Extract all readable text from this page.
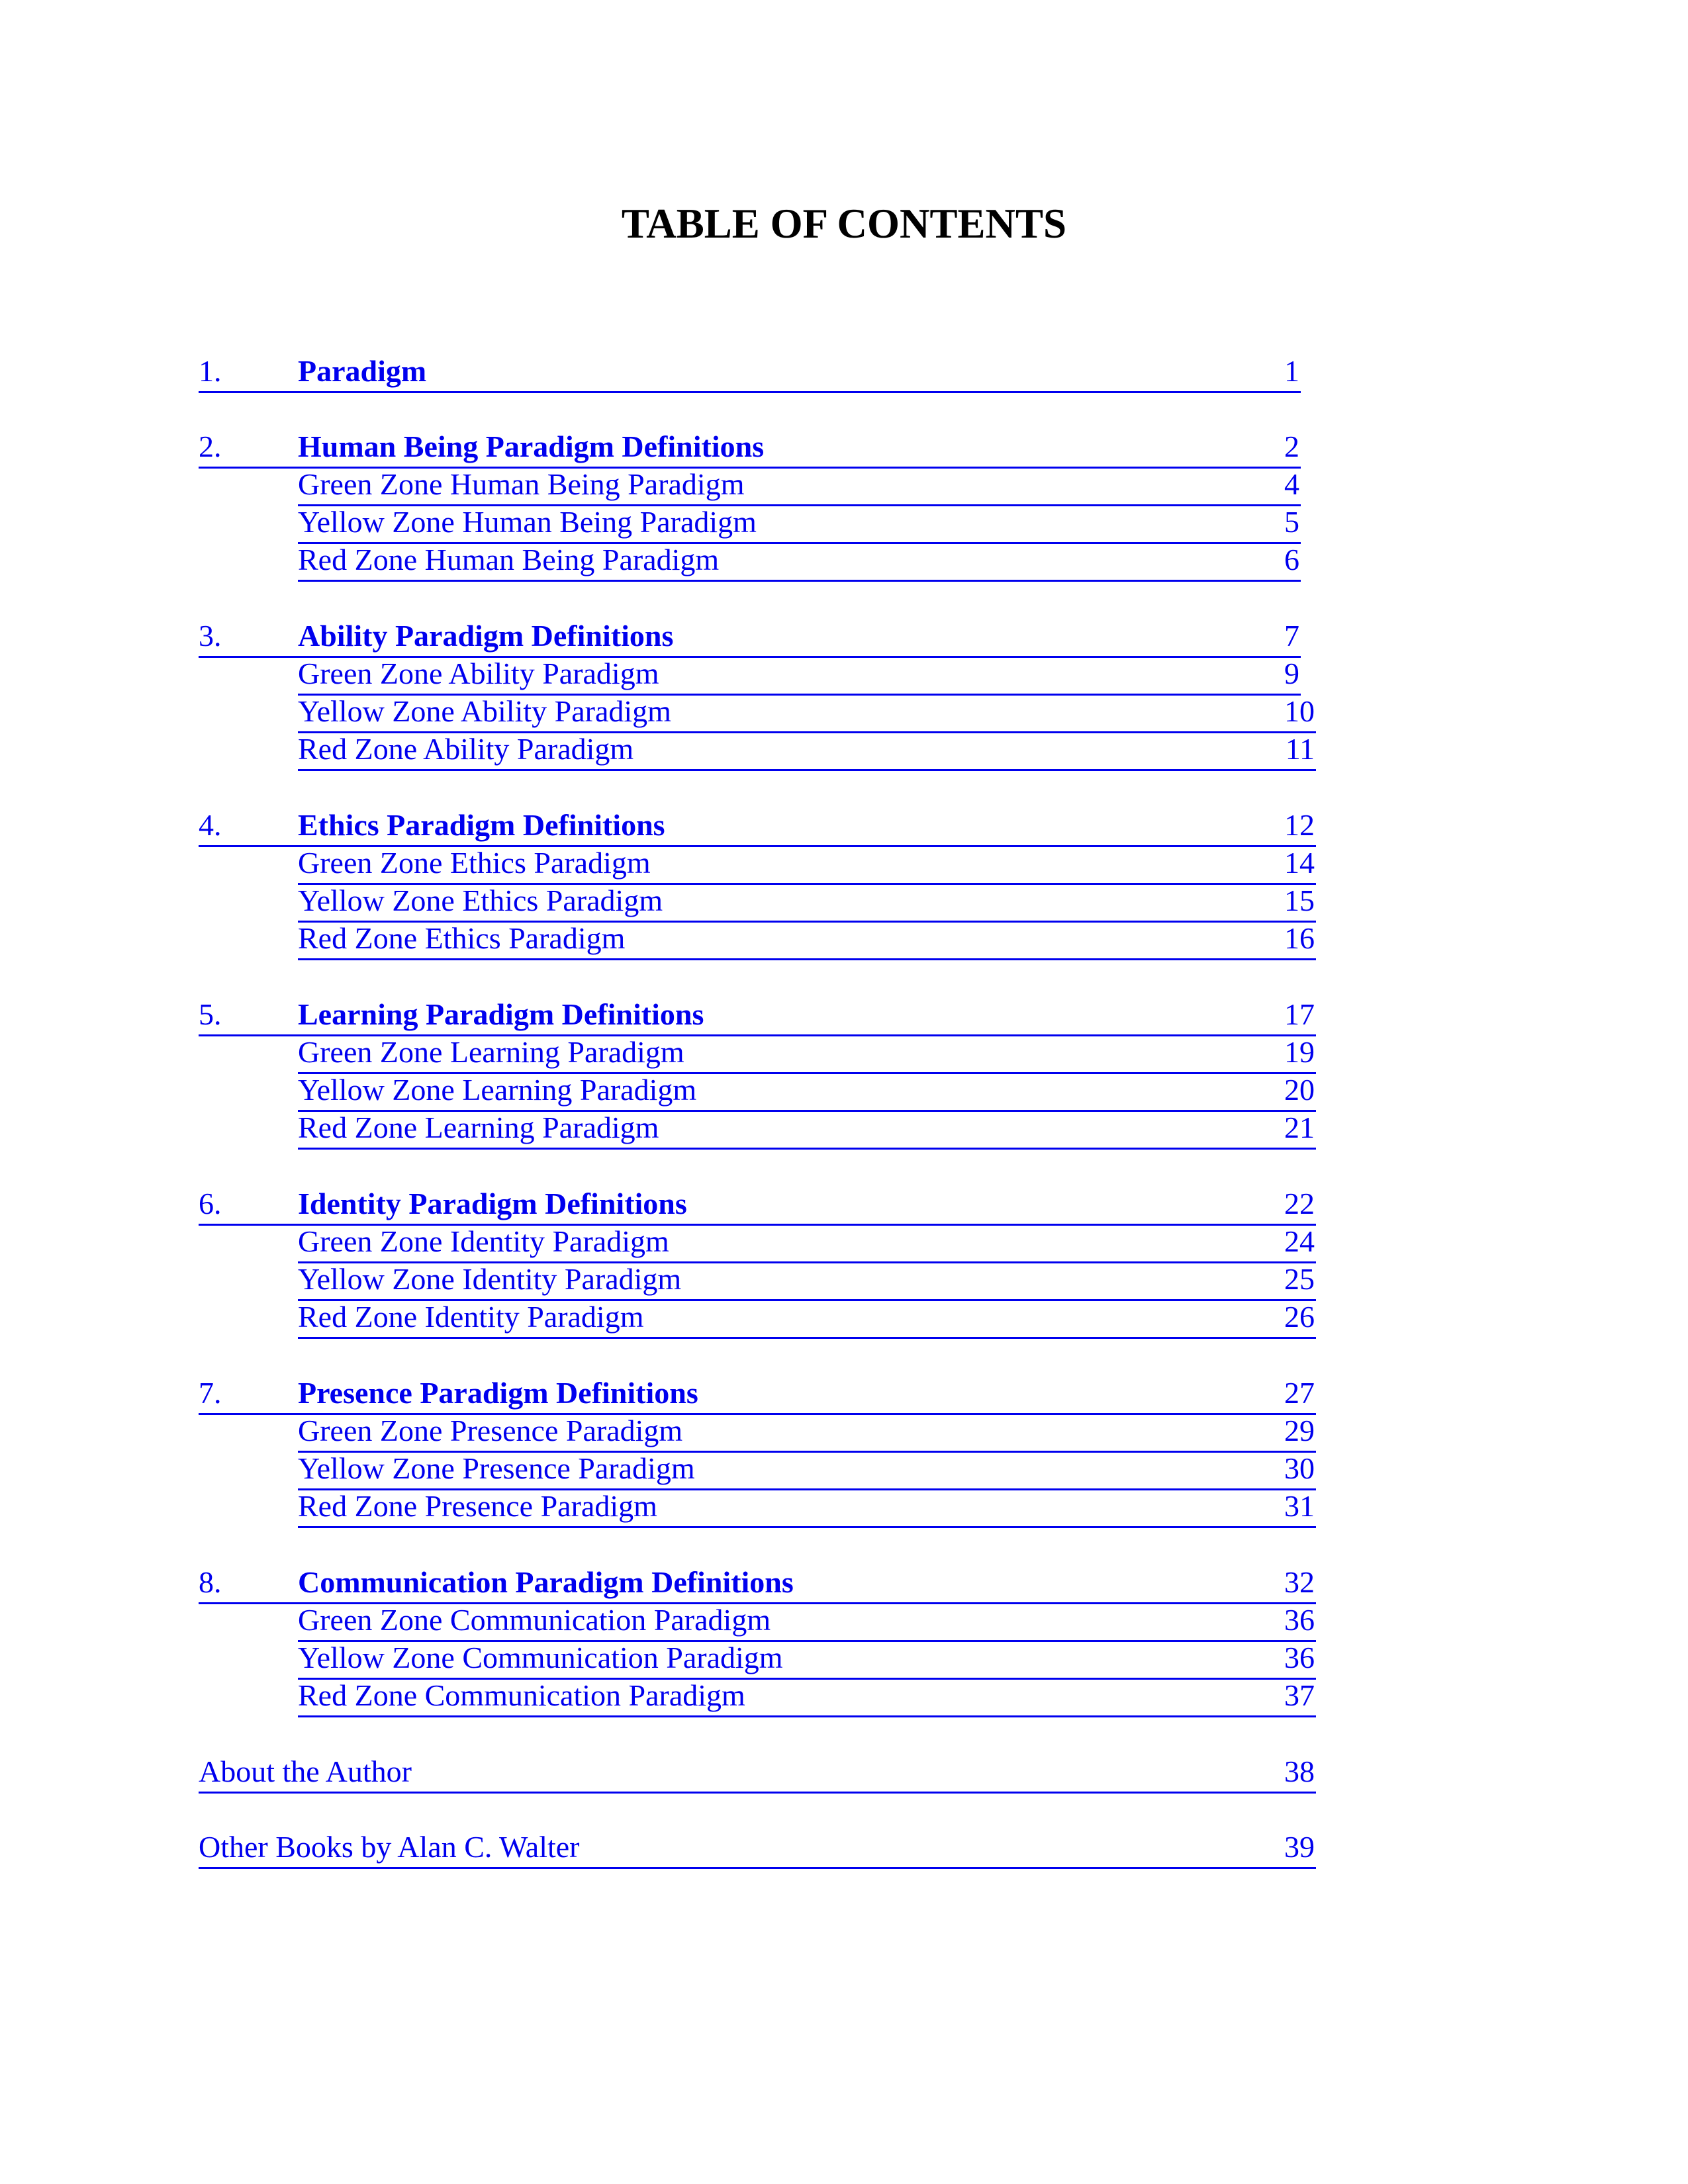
TABLE OF CONTENTS
1.	Paradigm	1
2.	Human Being Paradigm Definitions	2
Green Zone Human Being Paradigm	4
Yellow Zone Human Being Paradigm	5
Red Zone Human Being Paradigm	6
3.	Ability Paradigm Definitions	7
Green Zone Ability Paradigm	9
Yellow Zone Ability Paradigm	10
Red Zone Ability Paradigm	11
4.	Ethics Paradigm Definitions	12
Green Zone Ethics Paradigm	14
Yellow Zone Ethics Paradigm	15
Red Zone Ethics Paradigm	16
5.	Learning Paradigm Definitions	17
Green Zone Learning Paradigm	19
Yellow Zone Learning Paradigm	20
Red Zone Learning Paradigm	21
6.	Identity Paradigm Definitions	22
Green Zone Identity Paradigm	24
Yellow Zone Identity Paradigm	25
Red Zone Identity Paradigm	26
7.	Presence Paradigm Definitions	27
Green Zone Presence Paradigm	29
Yellow Zone Presence Paradigm	30
Red Zone Presence Paradigm	31
8.	Communication Paradigm Definitions	32
Green Zone Communication Paradigm	36
Yellow Zone Communication Paradigm	36
Red Zone Communication Paradigm	37
About the Author	38
Other Books by Alan C. Walter	39
